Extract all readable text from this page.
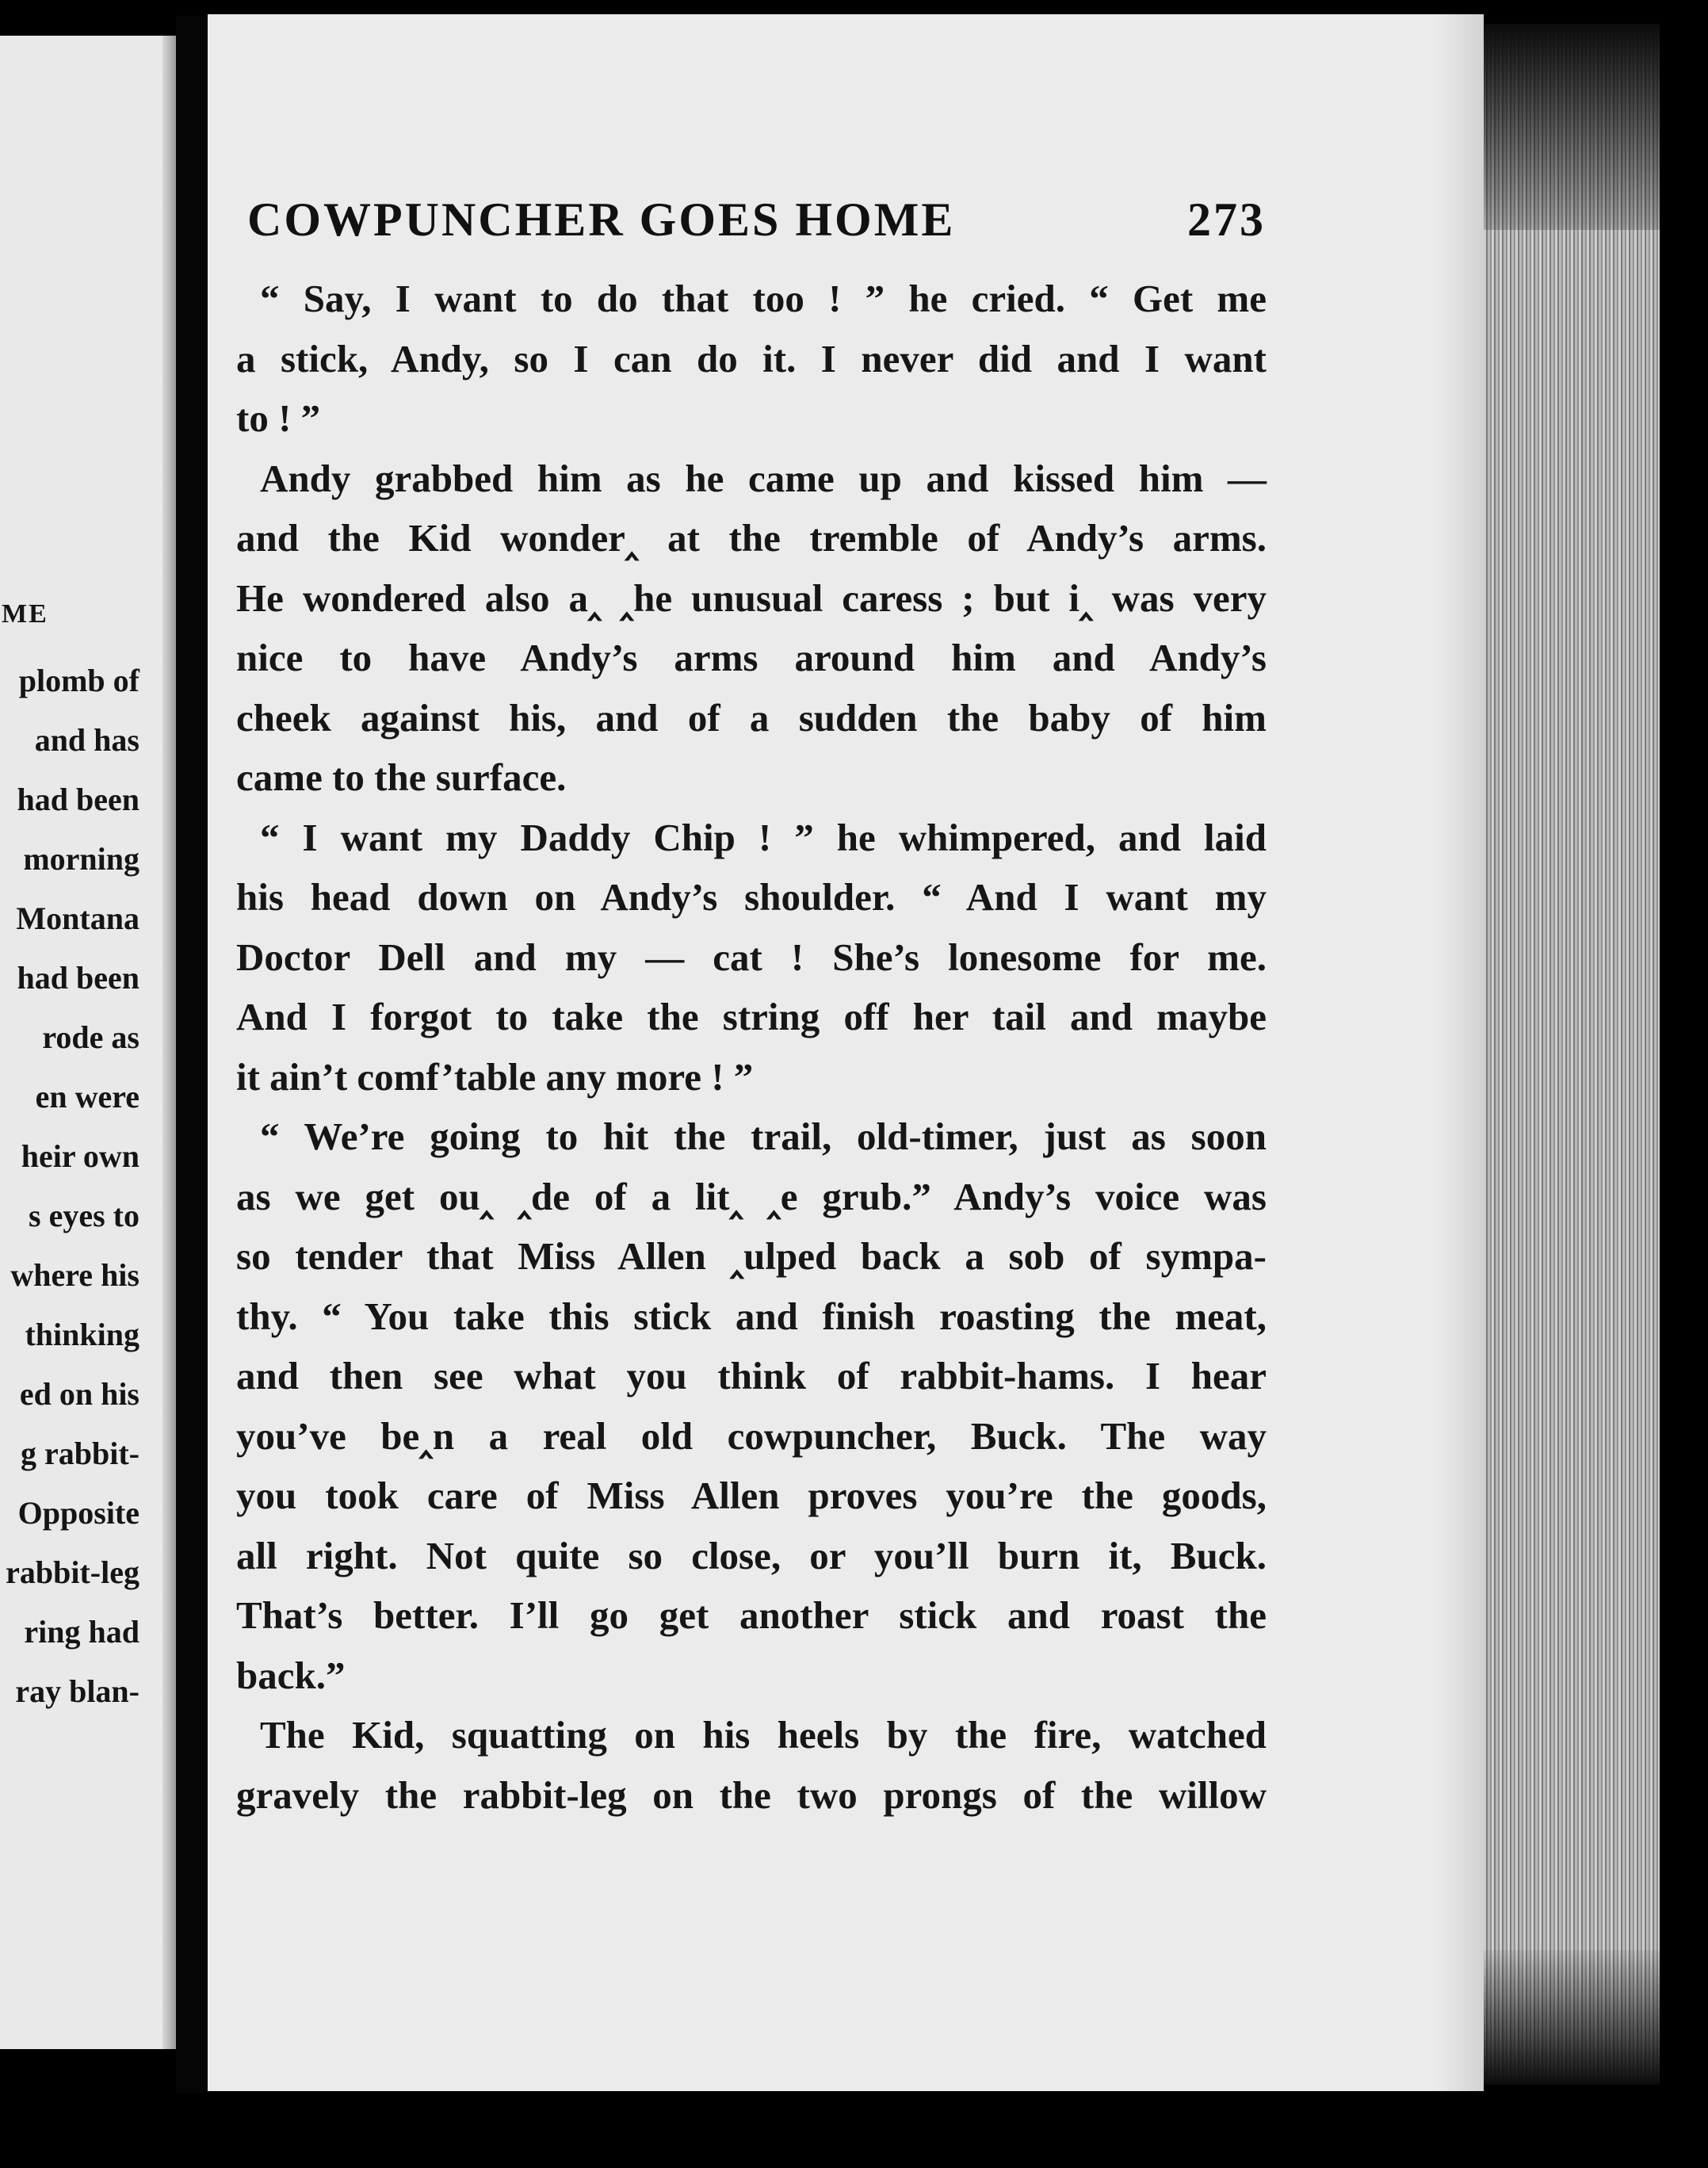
ME
plomb of
and has
had been
morning
Montana
had been
rode as
en were
heir own
s eyes to
where his
thinking
ed on his
g rabbit-
Opposite
rabbit-leg
ring had
ray blan-
COWPUNCHER GOES HOME	273
“ Say, I want to do that too ! ” he cried. “ Get me
a stick, Andy, so I can do it. I never did and I want
to ! ”
Andy grabbed him as he came up and kissed him —
and the Kid wonder‸ at the tremble of Andy’s arms.
He wondered also a‸ ‸he unusual caress ; but i‸ was very
nice to have Andy’s arms around him and Andy’s
cheek against his, and of a sudden the baby of him
came to the surface.
“ I want my Daddy Chip ! ” he whimpered, and laid
his head down on Andy’s shoulder. “ And I want my
Doctor Dell and my — cat ! She’s lonesome for me.
And I forgot to take the string off her tail and maybe
it ain’t comf’table any more ! ”
“ We’re going to hit the trail, old-timer, just as soon
as we get ou‸ ‸de of a lit‸ ‸e grub.” Andy’s voice was
so tender that Miss Allen ‸ulped back a sob of sympa-
thy. “ You take this stick and finish roasting the meat,
and then see what you think of rabbit-hams. I hear
you’ve be‸n a real old cowpuncher, Buck. The way
you took care of Miss Allen proves you’re the goods,
all right. Not quite so close, or you’ll burn it, Buck.
That’s better. I’ll go get another stick and roast the
back.”
The Kid, squatting on his heels by the fire, watched
gravely the rabbit-leg on the two prongs of the willow
